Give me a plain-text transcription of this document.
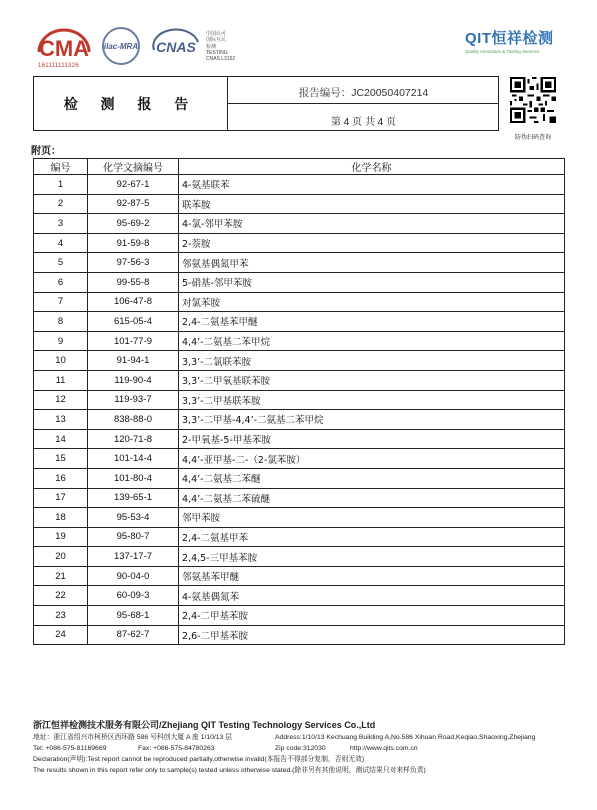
CMA
161111111326
ilac-MRA CNAS
中国认可
国际互认
检测
TESTING
CNAS L3152
QIT恒祥检测
Quality Innovation & Testing Services
检 测 报 告
报告编号：JC20050407214
第 4 页 共 4 页
防伪扫码查询
附页：
编号	化学文摘编号	化学名称
1	92-67-1	4-氨基联苯
2	92-87-5	联苯胺
3	95-69-2	4-氯-邻甲苯胺
4	91-59-8	2-萘胺
5	97-56-3	邻氨基偶氮甲苯
6	99-55-8	5-硝基-邻甲苯胺
7	106-47-8	对氯苯胺
8	615-05-4	2,4-二氨基苯甲醚
9	101-77-9	4,4’-二氨基二苯甲烷
10	91-94-1	3,3’-二氯联苯胺
11	119-90-4	3,3’-二甲氧基联苯胺
12	119-93-7	3,3’-二甲基联苯胺
13	838-88-0	3,3’-二甲基-4,4’-二氨基二苯甲烷
14	120-71-8	2-甲氧基-5-甲基苯胺
15	101-14-4	4,4’-亚甲基-二-（2-氯苯胺）
16	101-80-4	4,4’-二氨基二苯醚
17	139-65-1	4,4’-二氨基二苯硫醚
18	95-53-4	邻甲苯胺
19	95-80-7	2,4-二氨基甲苯
20	137-17-7	2,4,5-三甲基苯胺
21	90-04-0	邻氨基苯甲醚
22	60-09-3	4-氨基偶氮苯
23	95-68-1	2,4-二甲基苯胺
24	87-62-7	2,6-二甲基苯胺
浙江恒祥检测技术服务有限公司/Zhejiang QIT Testing Technology Services Co.,Ltd
地址：浙江省绍兴市柯桥区西环路 586 号科创大厦 A 座 1/10/13 层	Address:1/10/13 Kechuang Building A,No.586 Xihuan Road,Keqiao,Shaoxing,Zhejiang
Tel: +086-575-81169669	Fax: +086-575-84780263	Zip code:312030	http://www.qits.com.cn
Declaration(声明):Test report cannot be reproduced partially,otherwise invalid(本报告不得部分复制，否则无效)
The results shown in this report refer only to sample(s) tested unless otherwise stated.(除非另有其他说明，测试结果只对来样负责)
